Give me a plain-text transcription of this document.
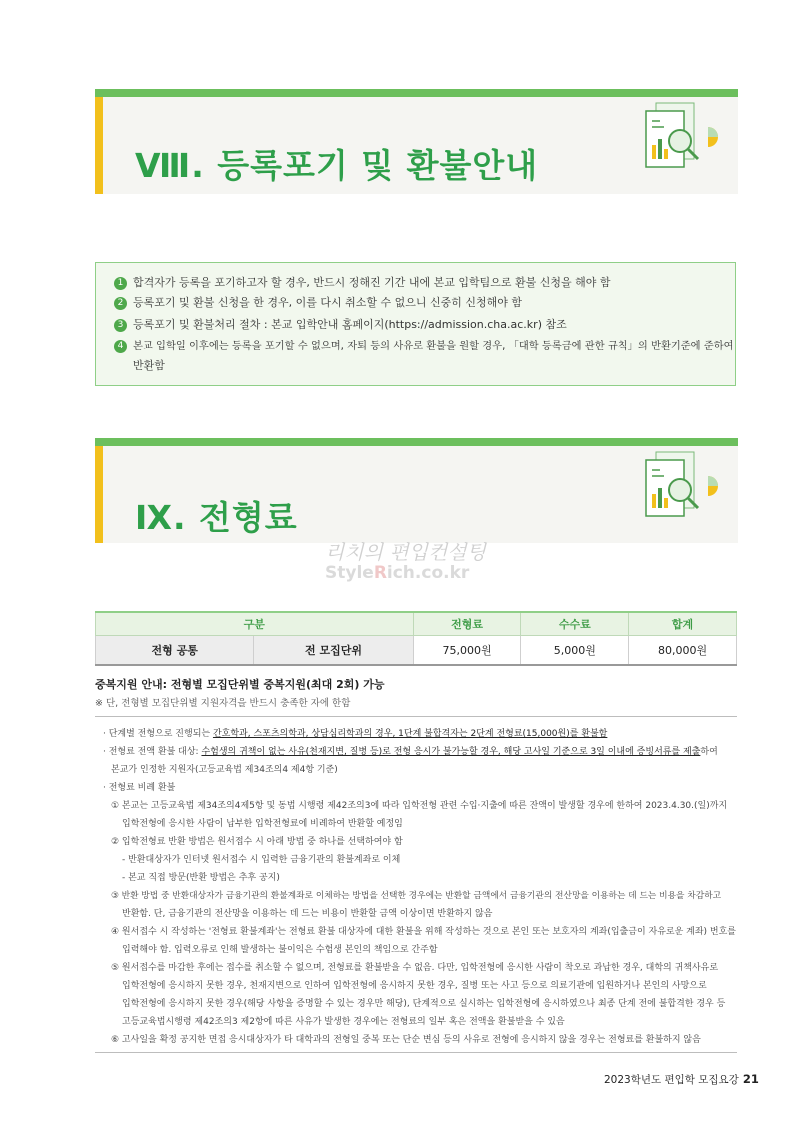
Ⅷ. 등록포기 및 환불안내
1 합격자가 등록을 포기하고자 할 경우, 반드시 정해진 기간 내에 본교 입학팀으로 환불 신청을 해야 함
2 등록포기 및 환불 신청을 한 경우, 이를 다시 취소할 수 없으니 신중히 신청해야 함
3 등록포기 및 환불처리 절차 : 본교 입학안내 홈페이지(https://admission.cha.ac.kr) 참조
4 본교 입학일 이후에는 등록을 포기할 수 없으며, 자퇴 등의 사유로 환불을 원할 경우, 「대학 등록금에 관한 규칙」의 반환기준에 준하여
반환함
Ⅸ. 전형료
리치의 편입컨설팅
StyleRich.co.kr
구분		전형료	수수료	합계
전형 공통	전 모집단위	75,000원	5,000원	80,000원
중복지원 안내: 전형별 모집단위별 중복지원(최대 2회) 가능
※ 단, 전형별 모집단위별 지원자격을 반드시 충족한 자에 한함
· 단계별 전형으로 진행되는 간호학과, 스포츠의학과, 상담심리학과의 경우, 1단계 불합격자는 2단계 전형료(15,000원)를 환불함
· 전형료 전액 환불 대상: 수험생의 귀책이 없는 사유(천재지변, 질병 등)로 전형 응시가 불가능할 경우, 해당 고사일 기준으로 3일 이내에 증빙서류를 제출하여
본교가 인정한 지원자(고등교육법 제34조의4 제4항 기준)
· 전형료 비례 환불
① 본교는 고등교육법 제34조의4제5항 및 동법 시행령 제42조의3에 따라 입학전형 관련 수입·지출에 따른 잔액이 발생할 경우에 한하여 2023.4.30.(일)까지
입학전형에 응시한 사람이 납부한 입학전형료에 비례하여 반환할 예정임
② 입학전형료 반환 방법은 원서접수 시 아래 방법 중 하나를 선택하여야 함
- 반환대상자가 인터넷 원서접수 시 입력한 금융기관의 환불계좌로 이체
- 본교 직접 방문(반환 방법은 추후 공지)
③ 반환 방법 중 반환대상자가 금융기관의 환불계좌로 이체하는 방법을 선택한 경우에는 반환할 금액에서 금융기관의 전산망을 이용하는 데 드는 비용을 차감하고
반환함. 단, 금융기관의 전산망을 이용하는 데 드는 비용이 반환할 금액 이상이면 반환하지 않음
④ 원서접수 시 작성하는 '전형료 환불계좌'는 전형료 환불 대상자에 대한 환불을 위해 작성하는 것으로 본인 또는 보호자의 계좌(입출금이 자유로운 계좌) 번호를
입력해야 함. 입력오류로 인해 발생하는 불이익은 수험생 본인의 책임으로 간주함
⑤ 원서접수를 마감한 후에는 접수를 취소할 수 없으며, 전형료를 환불받을 수 없음. 다만, 입학전형에 응시한 사람이 착오로 과납한 경우, 대학의 귀책사유로
입학전형에 응시하지 못한 경우, 천재지변으로 인하여 입학전형에 응시하지 못한 경우, 질병 또는 사고 등으로 의료기관에 입원하거나 본인의 사망으로
입학전형에 응시하지 못한 경우(해당 사항을 증명할 수 있는 경우만 해당), 단계적으로 실시하는 입학전형에 응시하였으나 최종 단계 전에 불합격한 경우 등
고등교육법시행령 제42조의3 제2항에 따른 사유가 발생한 경우에는 전형료의 일부 혹은 전액을 환불받을 수 있음
⑥ 고사일을 확정 공지한 면접 응시대상자가 타 대학과의 전형일 중복 또는 단순 변심 등의 사유로 전형에 응시하지 않을 경우는 전형료를 환불하지 않음
2023학년도 편입학 모집요강 21
